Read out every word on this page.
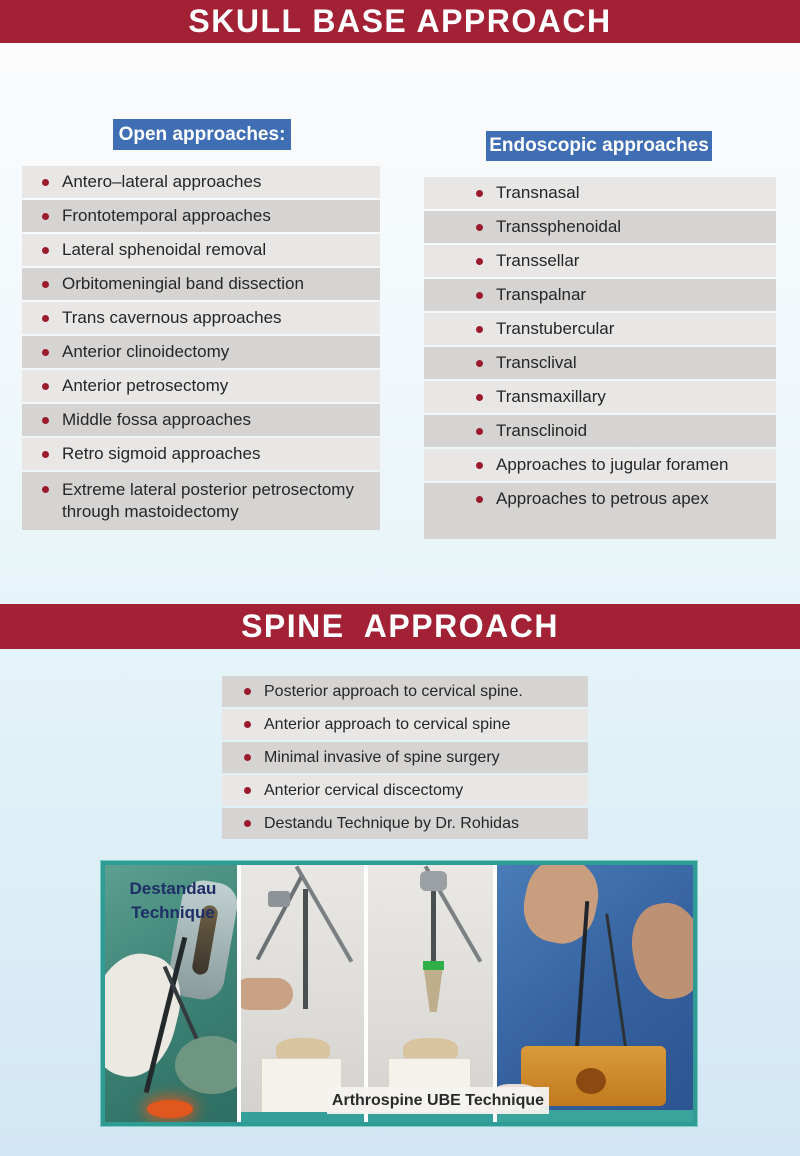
SKULL BASE APPROACH
Open approaches:
Antero–lateral approaches
Frontotemporal approaches
Lateral sphenoidal removal
Orbitomeningial band dissection
Trans cavernous approaches
Anterior clinoidectomy
Anterior petrosectomy
Middle fossa approaches
Retro sigmoid approaches
Extreme lateral posterior petrosectomy through mastoidectomy
Endoscopic approaches
Transnasal
Transsphenoidal
Transsellar
Transpalnar
Transtubercular
Transclival
Transmaxillary
Transclinoid
Approaches to jugular foramen
Approaches to petrous apex
SPINE APPROACH
Posterior approach to cervical spine.
Anterior approach to cervical spine
Minimal invasive of spine surgery
Anterior cervical discectomy
Destandu Technique by Dr. Rohidas
Destandau Technique
Arthrospine UBE Technique
